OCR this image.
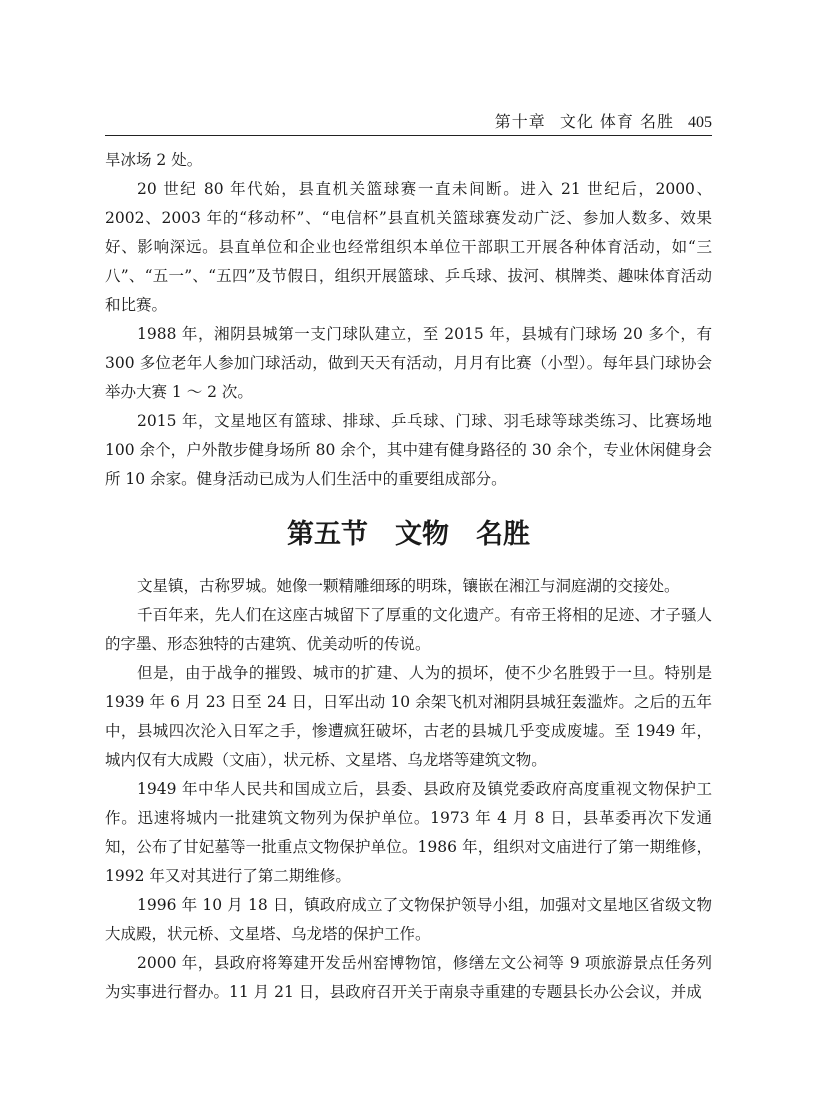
第十章 文化 体育 名胜 405

旱冰场 2 处。

20 世纪 80 年代始，县直机关篮球赛一直未间断。进入 21 世纪后，2000、2002、2003 年的“移动杯”、“电信杯”县直机关篮球赛发动广泛、参加人数多、效果好、影响深远。县直单位和企业也经常组织本单位干部职工开展各种体育活动，如“三八”、“五一”、“五四”及节假日，组织开展篮球、乒乓球、拔河、棋牌类、趣味体育活动和比赛。

1988 年，湘阴县城第一支门球队建立，至 2015 年，县城有门球场 20 多个，有 300 多位老年人参加门球活动，做到天天有活动，月月有比赛（小型）。每年县门球协会举办大赛 1 ～ 2 次。

2015 年，文星地区有篮球、排球、乒乓球、门球、羽毛球等球类练习、比赛场地 100 余个，户外散步健身场所 80 余个，其中建有健身路径的 30 余个，专业休闲健身会所 10 余家。健身活动已成为人们生活中的重要组成部分。

第五节　文物　名胜

文星镇，古称罗城。她像一颗精雕细琢的明珠，镶嵌在湘江与洞庭湖的交接处。

千百年来，先人们在这座古城留下了厚重的文化遗产。有帝王将相的足迹、才子骚人的字墨、形态独特的古建筑、优美动听的传说。

但是，由于战争的摧毁、城市的扩建、人为的损坏，使不少名胜毁于一旦。特别是 1939 年 6 月 23 日至 24 日，日军出动 10 余架飞机对湘阴县城狂轰滥炸。之后的五年中，县城四次沦入日军之手，惨遭疯狂破坏，古老的县城几乎变成废墟。至 1949 年，城内仅有大成殿（文庙），状元桥、文星塔、乌龙塔等建筑文物。

1949 年中华人民共和国成立后，县委、县政府及镇党委政府高度重视文物保护工作。迅速将城内一批建筑文物列为保护单位。1973 年 4 月 8 日，县革委再次下发通知，公布了甘妃墓等一批重点文物保护单位。1986 年，组织对文庙进行了第一期维修，1992 年又对其进行了第二期维修。

1996 年 10 月 18 日，镇政府成立了文物保护领导小组，加强对文星地区省级文物大成殿，状元桥、文星塔、乌龙塔的保护工作。

2000 年，县政府将筹建开发岳州窑博物馆，修缮左文公祠等 9 项旅游景点任务列为实事进行督办。11 月 21 日，县政府召开关于南泉寺重建的专题县长办公会议，并成
